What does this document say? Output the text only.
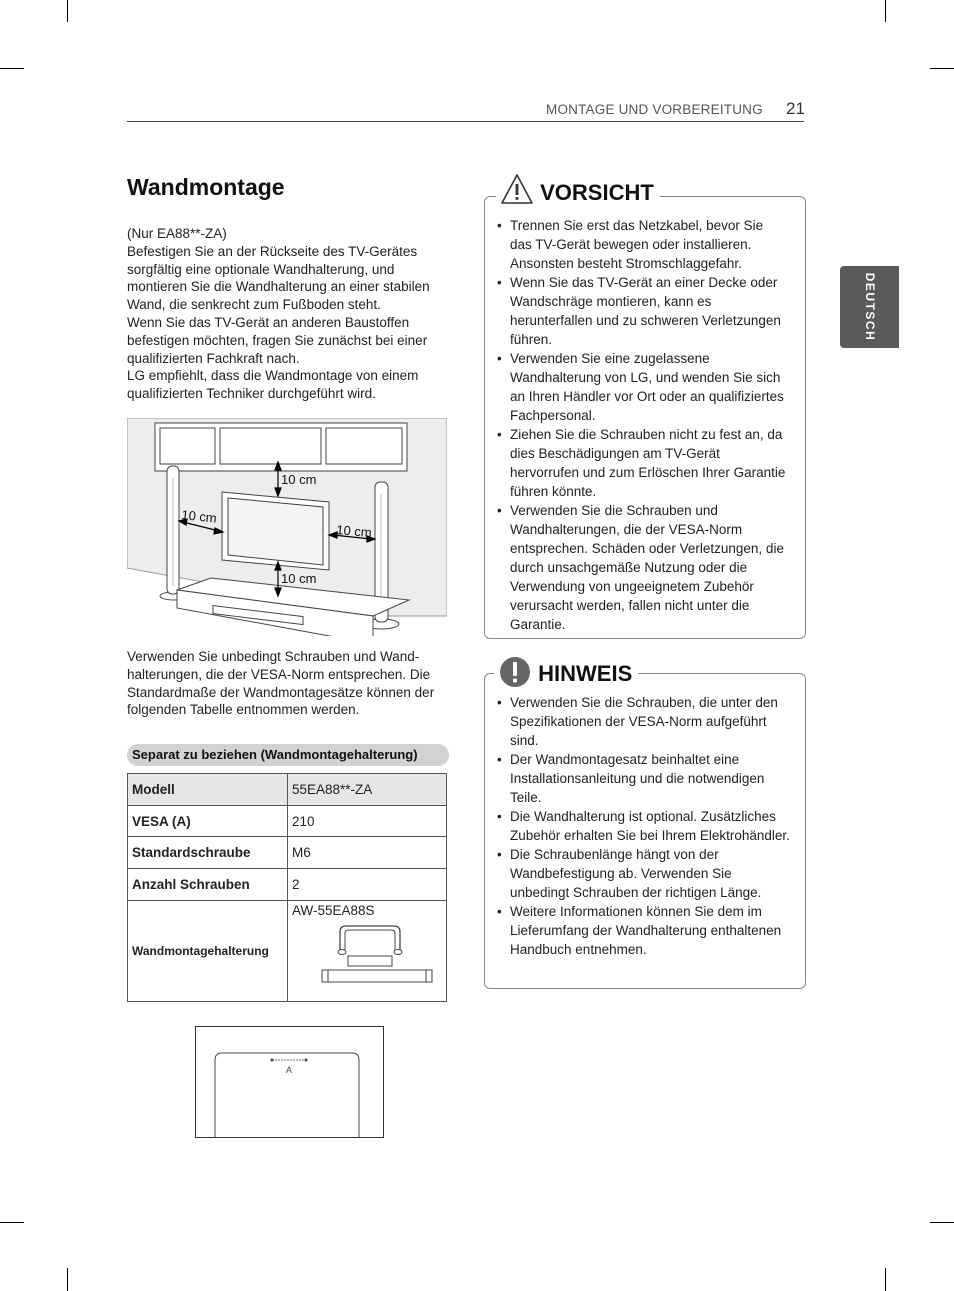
MONTAGE UND VORBEREITUNG 21
DEUTSCH
Wandmontage

(Nur EA88**-ZA)

Befestigen Sie an der Rückseite des TV-Gerätes sorgfältig eine optionale Wandhalterung, und montieren Sie die Wandhalterung an einer stabilen Wand, die senkrecht zum Fußboden steht.

Wenn Sie das TV-Gerät an anderen Baustoffen befestigen möchten, fragen Sie zunächst bei einer qualifizierten Fachkraft nach.

LG empfiehlt, dass die Wandmontage von einem qualifizierten Techniker durchgeführt wird.

10 cm
10 cm
10 cm
10 cm
Verwenden Sie unbedingt Schrauben und Wand-halterungen, die der VESA-Norm entsprechen. Die Standardmaße der Wandmontagesätze können der folgenden Tabelle entnommen werden.
Separat zu beziehen (Wandmontagehalterung)
Modell	55EA88**-ZA
VESA (A)	210
Standardschraube	M6
Anzahl Schrauben	2
Wandmontagehalterung	AW-55EA88S
A
VORSICHT
• Trennen Sie erst das Netzkabel, bevor Sie das TV-Gerät bewegen oder installieren. Ansonsten besteht Stromschlaggefahr.
• Wenn Sie das TV-Gerät an einer Decke oder Wandschräge montieren, kann es herunterfallen und zu schweren Verletzungen führen.
• Verwenden Sie eine zugelassene Wandhalterung von LG, und wenden Sie sich an Ihren Händler vor Ort oder an qualifiziertes Fachpersonal.
• Ziehen Sie die Schrauben nicht zu fest an, da dies Beschädigungen am TV-Gerät hervorrufen und zum Erlöschen Ihrer Garantie führen könnte.
• Verwenden Sie die Schrauben und Wandhalterungen, die der VESA-Norm entsprechen. Schäden oder Verletzungen, die durch unsachgemäße Nutzung oder die Verwendung von ungeeignetem Zubehör verursacht werden, fallen nicht unter die Garantie.
HINWEIS
• Verwenden Sie die Schrauben, die unter den Spezifikationen der VESA-Norm aufgeführt sind.
• Der Wandmontagesatz beinhaltet eine Installationsanleitung und die notwendigen Teile.
• Die Wandhalterung ist optional. Zusätzliches Zubehör erhalten Sie bei Ihrem Elektrohändler.
• Die Schraubenlänge hängt von der Wandbefestigung ab. Verwenden Sie unbedingt Schrauben der richtigen Länge.
• Weitere Informationen können Sie dem im Lieferumfang der Wandhalterung enthaltenen Handbuch entnehmen.
